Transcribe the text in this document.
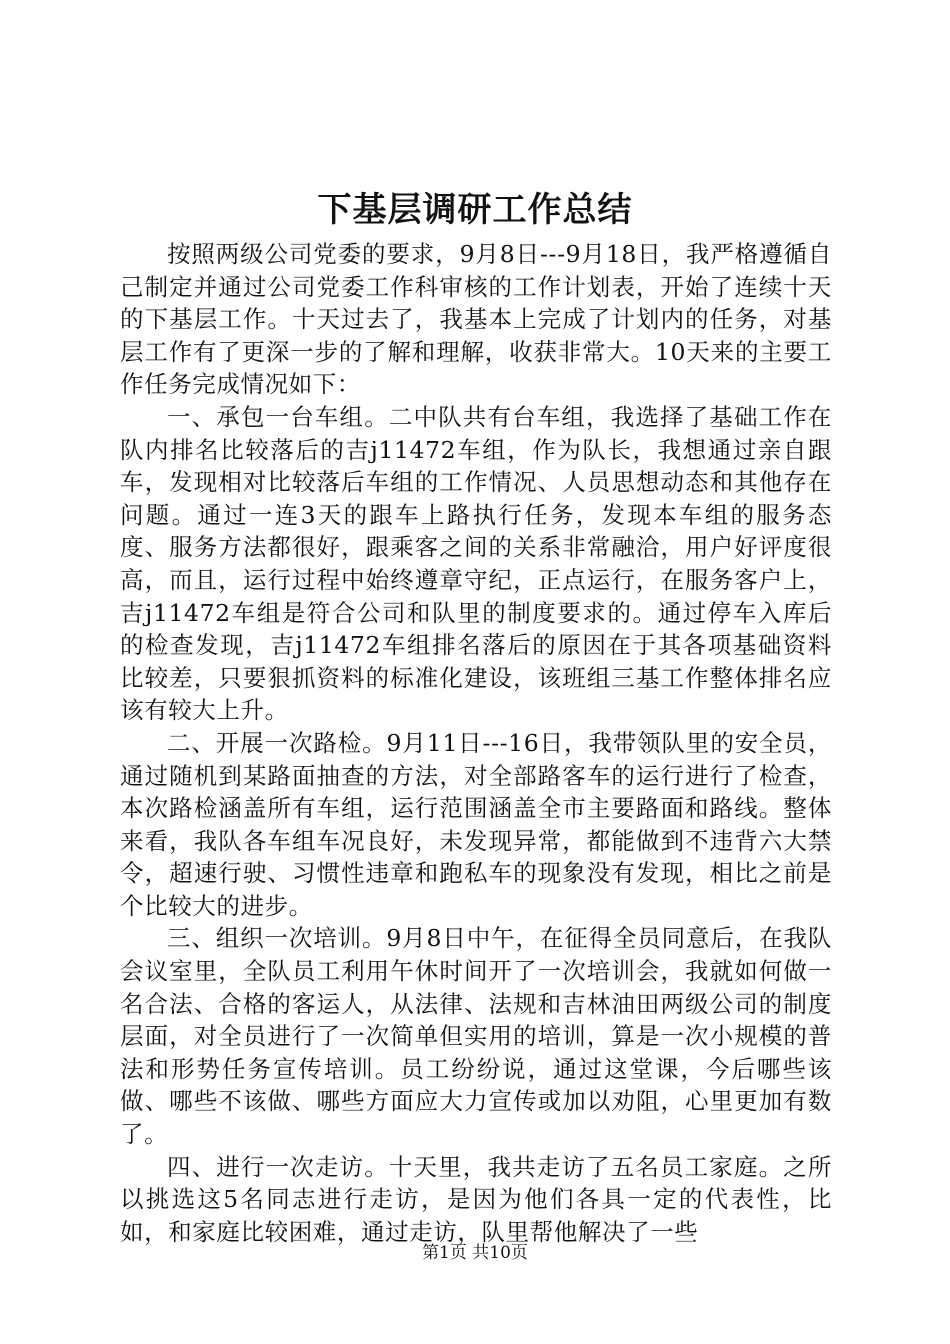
下基层调研工作总结

按照两级公司党委的要求，9月8日---9月18日，我严格遵循自己制定并通过公司党委工作科审核的工作计划表，开始了连续十天的下基层工作。十天过去了，我基本上完成了计划内的任务，对基层工作有了更深一步的了解和理解，收获非常大。10天来的主要工作任务完成情况如下：

一、承包一台车组。二中队共有台车组，我选择了基础工作在队内排名比较落后的吉j11472车组，作为队长，我想通过亲自跟车，发现相对比较落后车组的工作情况、人员思想动态和其他存在问题。通过一连3天的跟车上路执行任务，发现本车组的服务态度、服务方法都很好，跟乘客之间的关系非常融洽，用户好评度很高，而且，运行过程中始终遵章守纪，正点运行，在服务客户上，吉j11472车组是符合公司和队里的制度要求的。通过停车入库后的检查发现，吉j11472车组排名落后的原因在于其各项基础资料比较差，只要狠抓资料的标准化建设，该班组三基工作整体排名应该有较大上升。

二、开展一次路检。9月11日---16日，我带领队里的安全员，通过随机到某路面抽查的方法，对全部路客车的运行进行了检查，本次路检涵盖所有车组，运行范围涵盖全市主要路面和路线。整体来看，我队各车组车况良好，未发现异常，都能做到不违背六大禁令，超速行驶、习惯性违章和跑私车的现象没有发现，相比之前是个比较大的进步。

三、组织一次培训。9月8日中午，在征得全员同意后，在我队会议室里，全队员工利用午休时间开了一次培训会，我就如何做一名合法、合格的客运人，从法律、法规和吉林油田两级公司的制度层面，对全员进行了一次简单但实用的培训，算是一次小规模的普法和形势任务宣传培训。员工纷纷说，通过这堂课，今后哪些该做、哪些不该做、哪些方面应大力宣传或加以劝阻，心里更加有数了。

四、进行一次走访。十天里，我共走访了五名员工家庭。之所以挑选这5名同志进行走访，是因为他们各具一定的代表性，比如，和家庭比较困难，通过走访，队里帮他解决了一些

第1页 共10页
